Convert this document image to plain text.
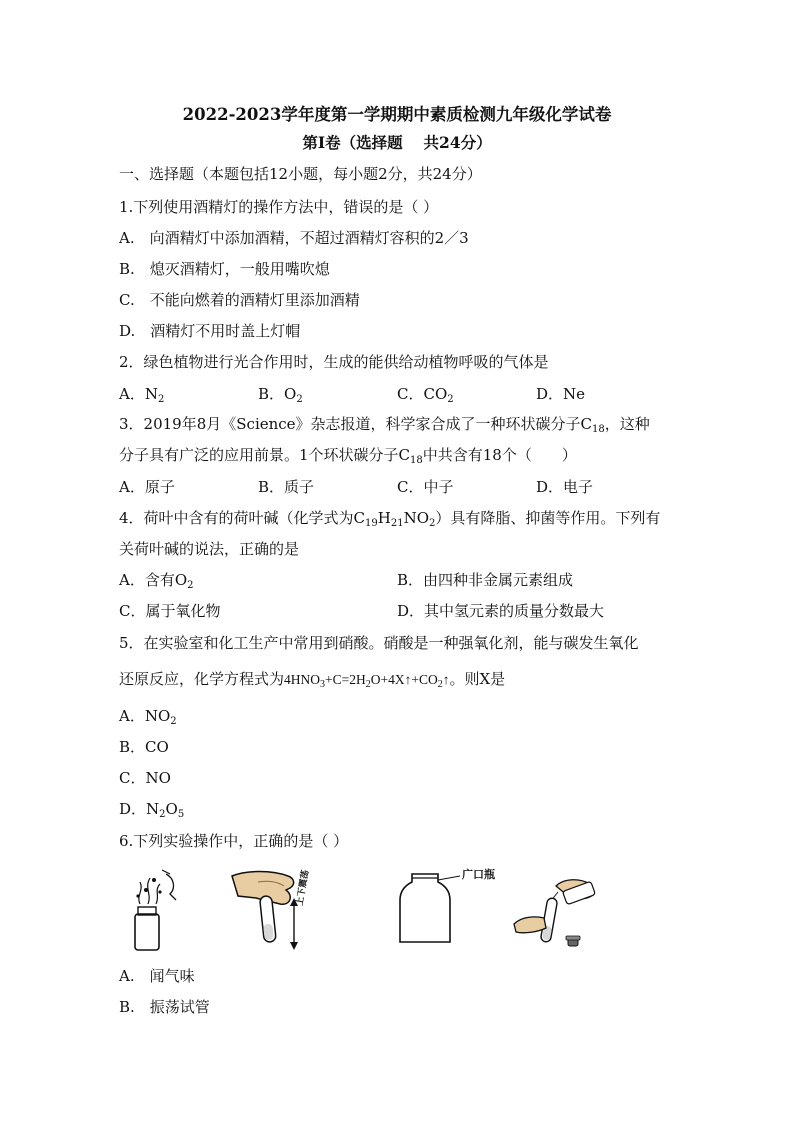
2022-2023学年度第一学期期中素质检测九年级化学试卷
第Ⅰ卷（选择题　 共24分）
一、选择题（本题包括12小题，每小题2分，共24分）
1.下列使用酒精灯的操作方法中，错误的是（ ）
A.　向酒精灯中添加酒精，不超过酒精灯容积的2／3
B.　熄灭酒精灯，一般用嘴吹熄
C.　不能向燃着的酒精灯里添加酒精
D.　酒精灯不用时盖上灯帽
2．绿色植物进行光合作用时，生成的能供给动植物呼吸的气体是
A．$N_2$	B．$O_2$	C．$CO_2$	D．Ne
3．2019年8月《Science》杂志报道，科学家合成了一种环状碳分子$C_{18}$，这种
分子具有广泛的应用前景。1个环状碳分子$C_{18}$中共含有18个（　　）
A．原子	B．质子	C．中子	D．电子
4．荷叶中含有的荷叶碱（化学式为$C_{19}H_{21}NO_2$）具有降脂、抑菌等作用。下列有
关荷叶碱的说法，正确的是
A．含有$O_2$	B．由四种非金属元素组成
C．属于氧化物	D．其中氢元素的质量分数最大
5．在实验室和化工生产中常用到硝酸。硝酸是一种强氧化剂，能与碳发生氧化
还原反应，化学方程式为$4HNO_3+C=2H_2O+4X↑+CO_2↑$。则X是
A．$NO_2$
B．CO
C．NO
D．$N_2O_5$
6.下列实验操作中，正确的是（ ）
上下震荡	广口瓶
A.　闻气味
B.　振荡试管
